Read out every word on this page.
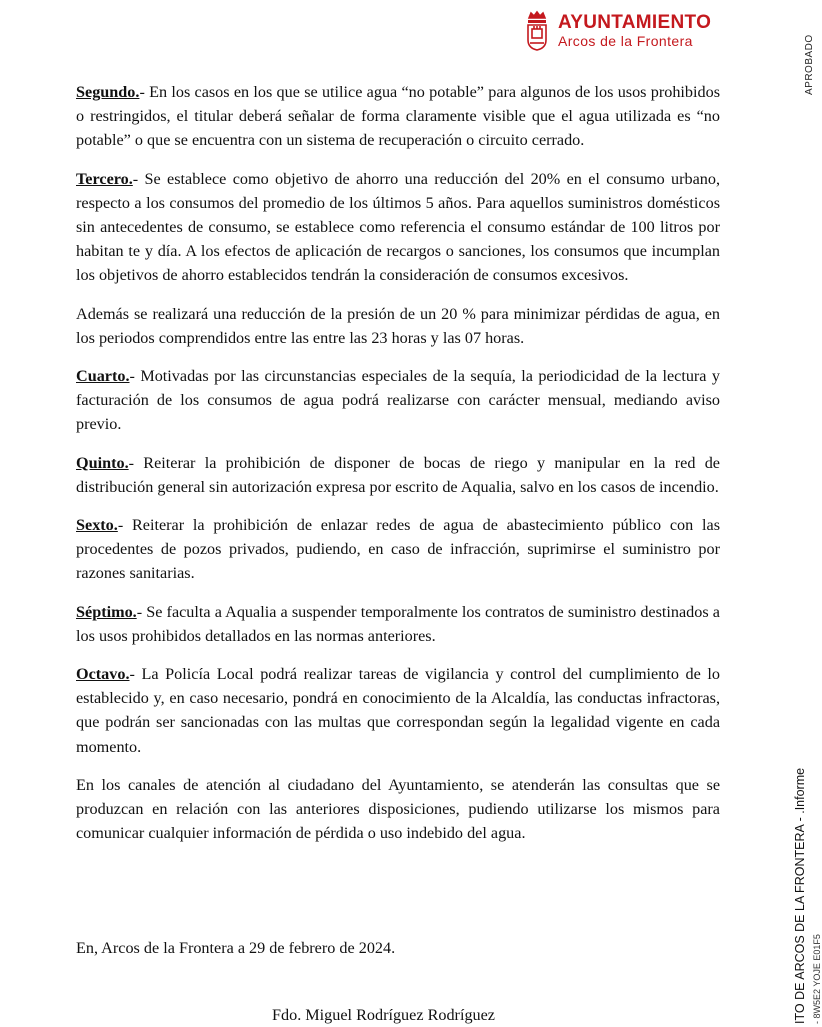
AYUNTAMIENTO
Arcos de la Frontera	APROBADO

Segundo.- En los casos en los que se utilice agua “no potable” para algunos de los usos prohibidos o restringidos, el titular deberá señalar de forma claramente visible que el agua utilizada es “no potable” o que se encuentra con un sistema de recuperación o circuito cerrado.

Tercero.- Se establece como objetivo de ahorro una reducción del 20% en el consumo urbano, respecto a los consumos del promedio de los últimos 5 años. Para aquellos suministros domésticos sin antecedentes de consumo, se establece como referencia el consumo estándar de 100 litros por habitan te y día. A los efectos de aplicación de recargos o sanciones, los consumos que incumplan los objetivos de ahorro establecidos tendrán la consideración de consumos excesivos.

Además se realizará una reducción de la presión de un 20 % para minimizar pérdidas de agua, en los periodos comprendidos entre las entre las 23 horas y las 07 horas.

Cuarto.- Motivadas por las circunstancias especiales de la sequía, la periodicidad de la lectura y facturación de los consumos de agua podrá realizarse con carácter mensual, mediando aviso previo.

Quinto.- Reiterar la prohibición de disponer de bocas de riego y manipular en la red de distribución general sin autorización expresa por escrito de Aqualia, salvo en los casos de incendio.

Sexto.- Reiterar la prohibición de enlazar redes de agua de abastecimiento público con las procedentes de pozos privados, pudiendo, en caso de infracción, suprimirse el suministro por razones sanitarias.

Séptimo.- Se faculta a Aqualia a suspender temporalmente los contratos de suministro destinados a los usos prohibidos detallados en las normas anteriores.

Octavo.- La Policía Local podrá realizar tareas de vigilancia y control del cumplimiento de lo establecido y, en caso necesario, pondrá en conocimiento de la Alcaldía, las conductas infractoras, que podrán ser sancionadas con las multas que correspondan según la legalidad vigente en cada momento.

En los canales de atención al ciudadano del Ayuntamiento, se atenderán las consultas que se produzcan en relación con las anteriores disposiciones, pudiendo utilizarse los mismos para comunicar cualquier información de pérdida o uso indebido del agua.

En, Arcos de la Frontera a 29 de febrero de 2024.

Fdo. Miguel Rodríguez Rodríguez	ITO DE ARCOS DE LA FRONTERA - .Informe - 8W5E2 YOJE E01F5
